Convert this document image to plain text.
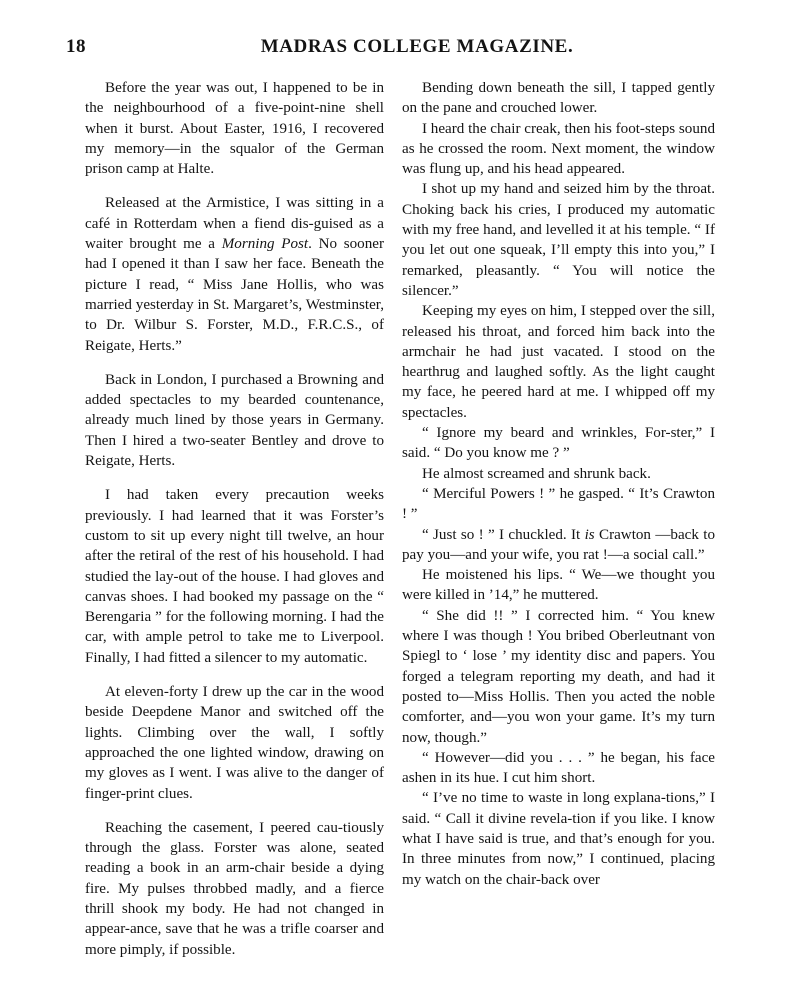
18	MADRAS COLLEGE MAGAZINE.

Before the year was out, I happened to be in the neighbourhood of a five-point-nine shell when it burst. About Easter, 1916, I recovered my memory—in the squalor of the German prison camp at Halte.

Released at the Armistice, I was sitting in a café in Rotterdam when a fiend dis-guised as a waiter brought me a Morning Post. No sooner had I opened it than I saw her face. Beneath the picture I read, “ Miss Jane Hollis, who was married yesterday in St. Margaret’s, Westminster, to Dr. Wilbur S. Forster, M.D., F.R.C.S., of Reigate, Herts.”

Back in London, I purchased a Browning and added spectacles to my bearded countenance, already much lined by those years in Germany. Then I hired a two-seater Bentley and drove to Reigate, Herts.

I had taken every precaution weeks previously. I had learned that it was Forster’s custom to sit up every night till twelve, an hour after the retiral of the rest of his household. I had studied the lay-out of the house. I had gloves and canvas shoes. I had booked my passage on the “ Berengaria ” for the following morning. I had the car, with ample petrol to take me to Liverpool. Finally, I had fitted a silencer to my automatic.

At eleven-forty I drew up the car in the wood beside Deepdene Manor and switched off the lights. Climbing over the wall, I softly approached the one lighted window, drawing on my gloves as I went. I was alive to the danger of finger-print clues.

Reaching the casement, I peered cau-tiously through the glass. Forster was alone, seated reading a book in an arm-chair beside a dying fire. My pulses throbbed madly, and a fierce thrill shook my body. He had not changed in appear-ance, save that he was a trifle coarser and more pimply, if possible.

Bending down beneath the sill, I tapped gently on the pane and crouched lower.

I heard the chair creak, then his foot-steps sound as he crossed the room. Next moment, the window was flung up, and his head appeared.

I shot up my hand and seized him by the throat. Choking back his cries, I produced my automatic with my free hand, and levelled it at his temple. “ If you let out one squeak, I’ll empty this into you,” I remarked, pleasantly. “ You will notice the silencer.”

Keeping my eyes on him, I stepped over the sill, released his throat, and forced him back into the armchair he had just vacated. I stood on the hearthrug and laughed softly. As the light caught my face, he peered hard at me. I whipped off my spectacles.

“ Ignore my beard and wrinkles, For-ster,” I said. “ Do you know me ? ”

He almost screamed and shrunk back.

“ Merciful Powers ! ” he gasped. “ It’s Crawton ! ”

“ Just so ! ” I chuckled. It is Crawton —back to pay you—and your wife, you rat !—a social call.”

He moistened his lips. “ We—we thought you were killed in ’14,” he muttered.

“ She did !! ” I corrected him. “ You knew where I was though ! You bribed Oberleutnant von Spiegl to ‘ lose ’ my identity disc and papers. You forged a telegram reporting my death, and had it posted to—Miss Hollis. Then you acted the noble comforter, and—you won your game. It’s my turn now, though.”

“ However—did you . . . ” he began, his face ashen in its hue. I cut him short.

“ I’ve no time to waste in long explana-tions,” I said. “ Call it divine revela-tion if you like. I know what I have said is true, and that’s enough for you. In three minutes from now,” I continued, placing my watch on the chair-back over
